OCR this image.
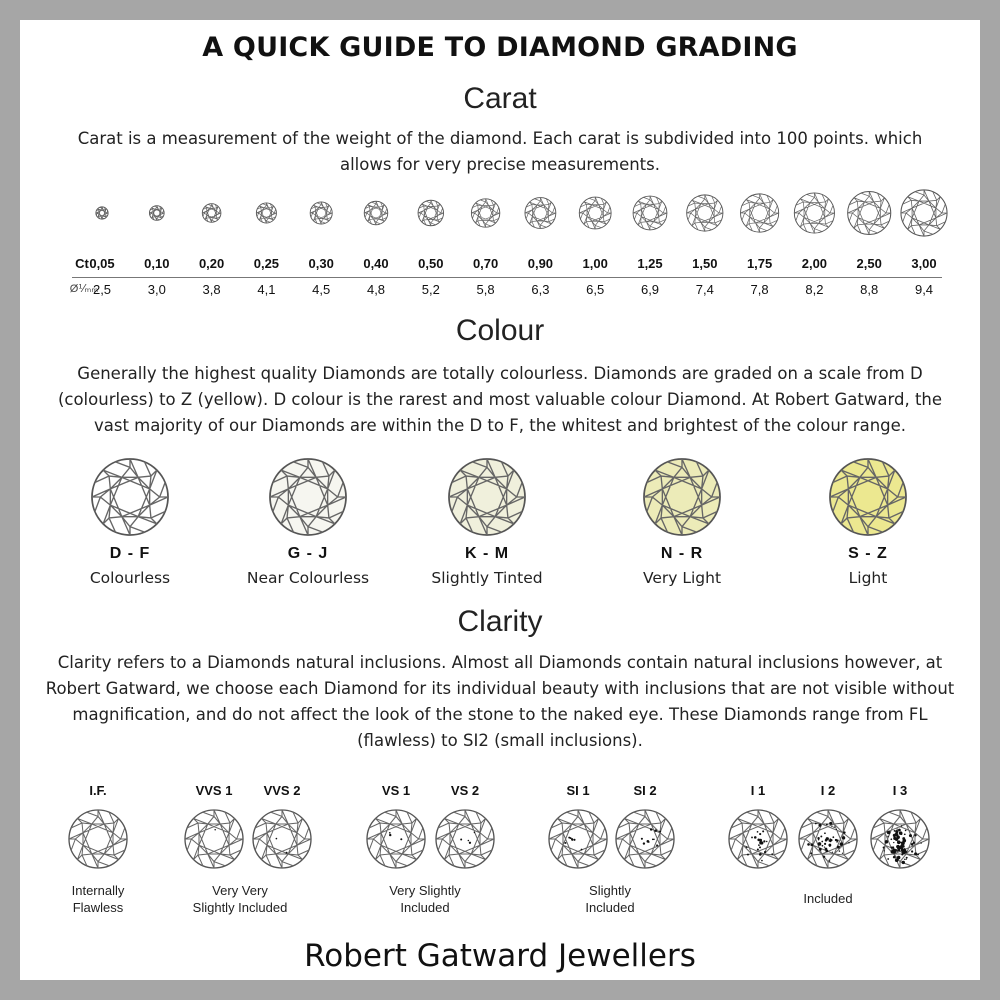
A QUICK GUIDE TO DIAMOND GRADING
Carat
Carat is a measurement of the weight of the diamond. Each carat is subdivided into 100 points. which
allows for very precise measurements.
Ct 0,05 0,10 0,20 0,25 0,30 0,40 0,50 0,70 0,90 1,00 1,25 1,50 1,75 2,00 2,50 3,00
Ø⅟ₘₘ
2,5	3,0	3,8	4,1	4,5	4,8	5,2	5,8	6,3	6,5	6,9	7,4	7,8	8,2	8,8	9,4
Colour
Generally the highest quality Diamonds are totally colourless. Diamonds are graded on a scale from D
(colourless) to Z (yellow). D colour is the rarest and most valuable colour Diamond. At Robert Gatward, the
vast majority of our Diamonds are within the D to F, the whitest and brightest of the colour range.
D - F
Colourless
G - J
Near Colourless
K - M
Slightly Tinted
N - R
Very Light
S - Z
Light
Clarity
Clarity refers to a Diamonds natural inclusions. Almost all Diamonds contain natural inclusions however, at
Robert Gatward, we choose each Diamond for its individual beauty with inclusions that are not visible without
magnification, and do not affect the look of the stone to the naked eye. These Diamonds range from FL
(flawless) to SI2 (small inclusions).
I.F.	VVS 1 VVS 2	VS 1	VS 2	SI 1	SI 2	I 1	I 2	I 3
Internally
Flawless
Very Very
Slightly Included
Very Slightly
Included
Slightly
Included
Included
Robert Gatward Jewellers
